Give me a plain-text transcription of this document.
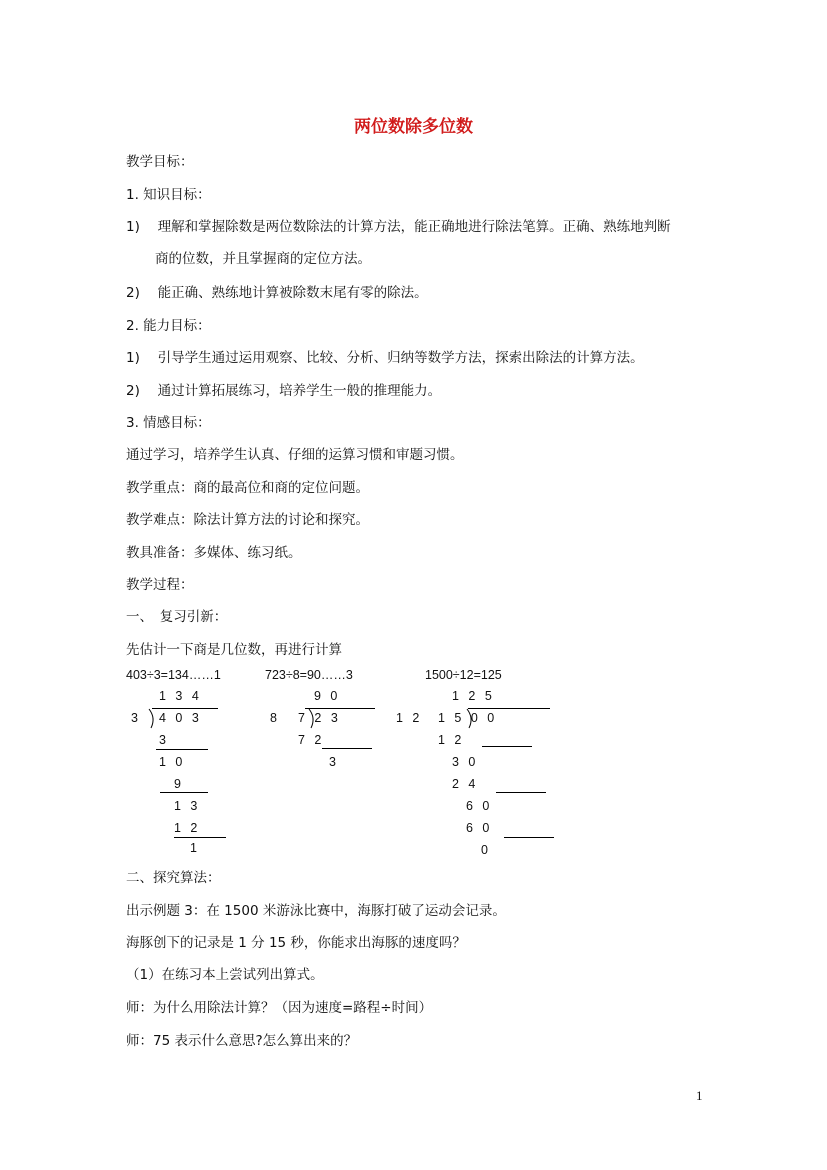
两位数除多位数
教学目标：
1. 知识目标：
1)　 理解和掌握除数是两位数除法的计算方法，能正确地进行除法笔算。正确、熟练地判断
商的位数，并且掌握商的定位方法。
2)　 能正确、熟练地计算被除数末尾有零的除法。
2. 能力目标：
1)　 引导学生通过运用观察、比较、分析、归纳等数学方法，探索出除法的计算方法。
2)　 通过计算拓展练习，培养学生一般的推理能力。
3. 情感目标：
通过学习，培养学生认真、仔细的运算习惯和审题习惯。
教学重点：商的最高位和商的定位问题。
教学难点：除法计算方法的讨论和探究。
教具准备：多媒体、练习纸。
教学过程：
一、　复习引新：
先估计一下商是几位数，再进行计算
403÷3=134……1
1 3 4
3 4 0 3
3
1 0
9
1 3
1 2
1
723÷8=90……3
9 0
8 7 2 3
7 2
3
1500÷12=125
1 2 5
1 2 1 5 0 0
1 2
3 0
2 4
6 0
6 0
0
二、探究算法：
出示例题 3：在 1500 米游泳比赛中，海豚打破了运动会记录。
海豚创下的记录是 1 分 15 秒，你能求出海豚的速度吗？
（1）在练习本上尝试列出算式。
师：为什么用除法计算？（因为速度=路程÷时间）
师：75 表示什么意思?怎么算出来的？
1
